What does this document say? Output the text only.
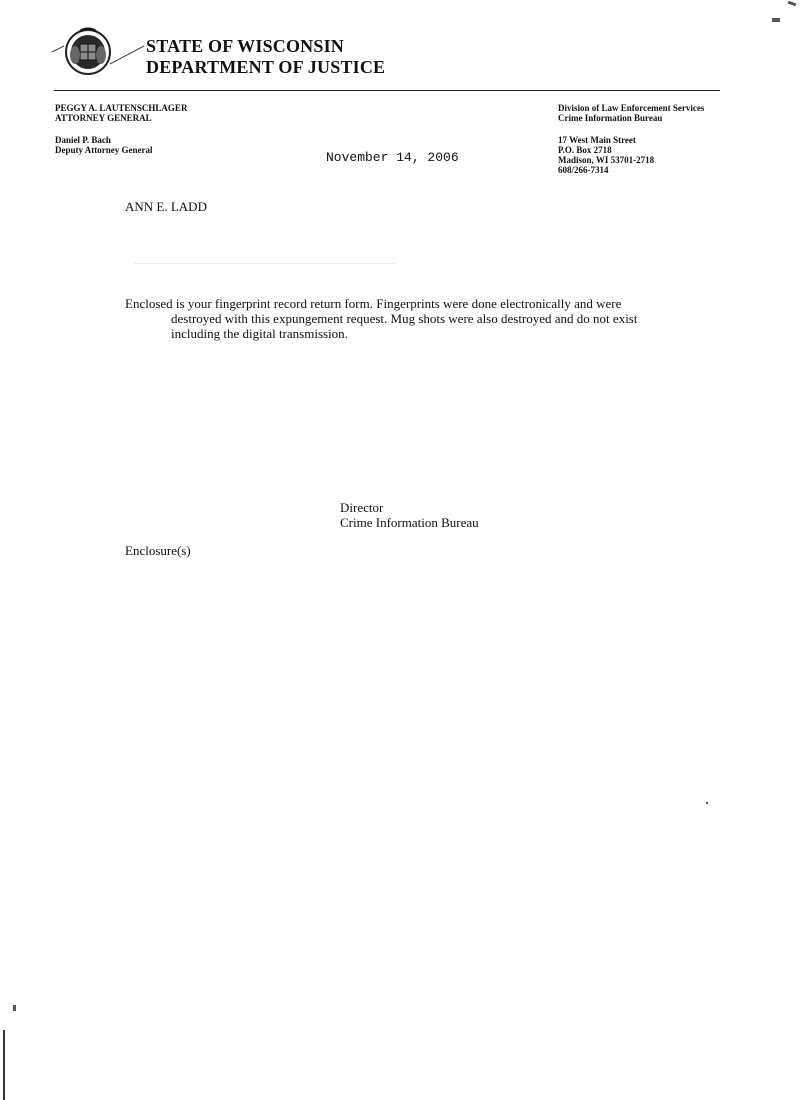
STATE OF WISCONSIN
DEPARTMENT OF JUSTICE
PEGGY A. LAUTENSCHLAGER
ATTORNEY GENERAL
Daniel P. Bach
Deputy Attorney General
Division of Law Enforcement Services
Crime Information Bureau
17 West Main Street
P.O. Box 2718
Madison, WI 53701-2718
608/266-7314
November 14, 2006
ANN E. LADD
Enclosed is your fingerprint record return form. Fingerprints were done electronically and were
destroyed with this expungement request. Mug shots were also destroyed and do not exist
including the digital transmission.
Director
Crime Information Bureau
Enclosure(s)
